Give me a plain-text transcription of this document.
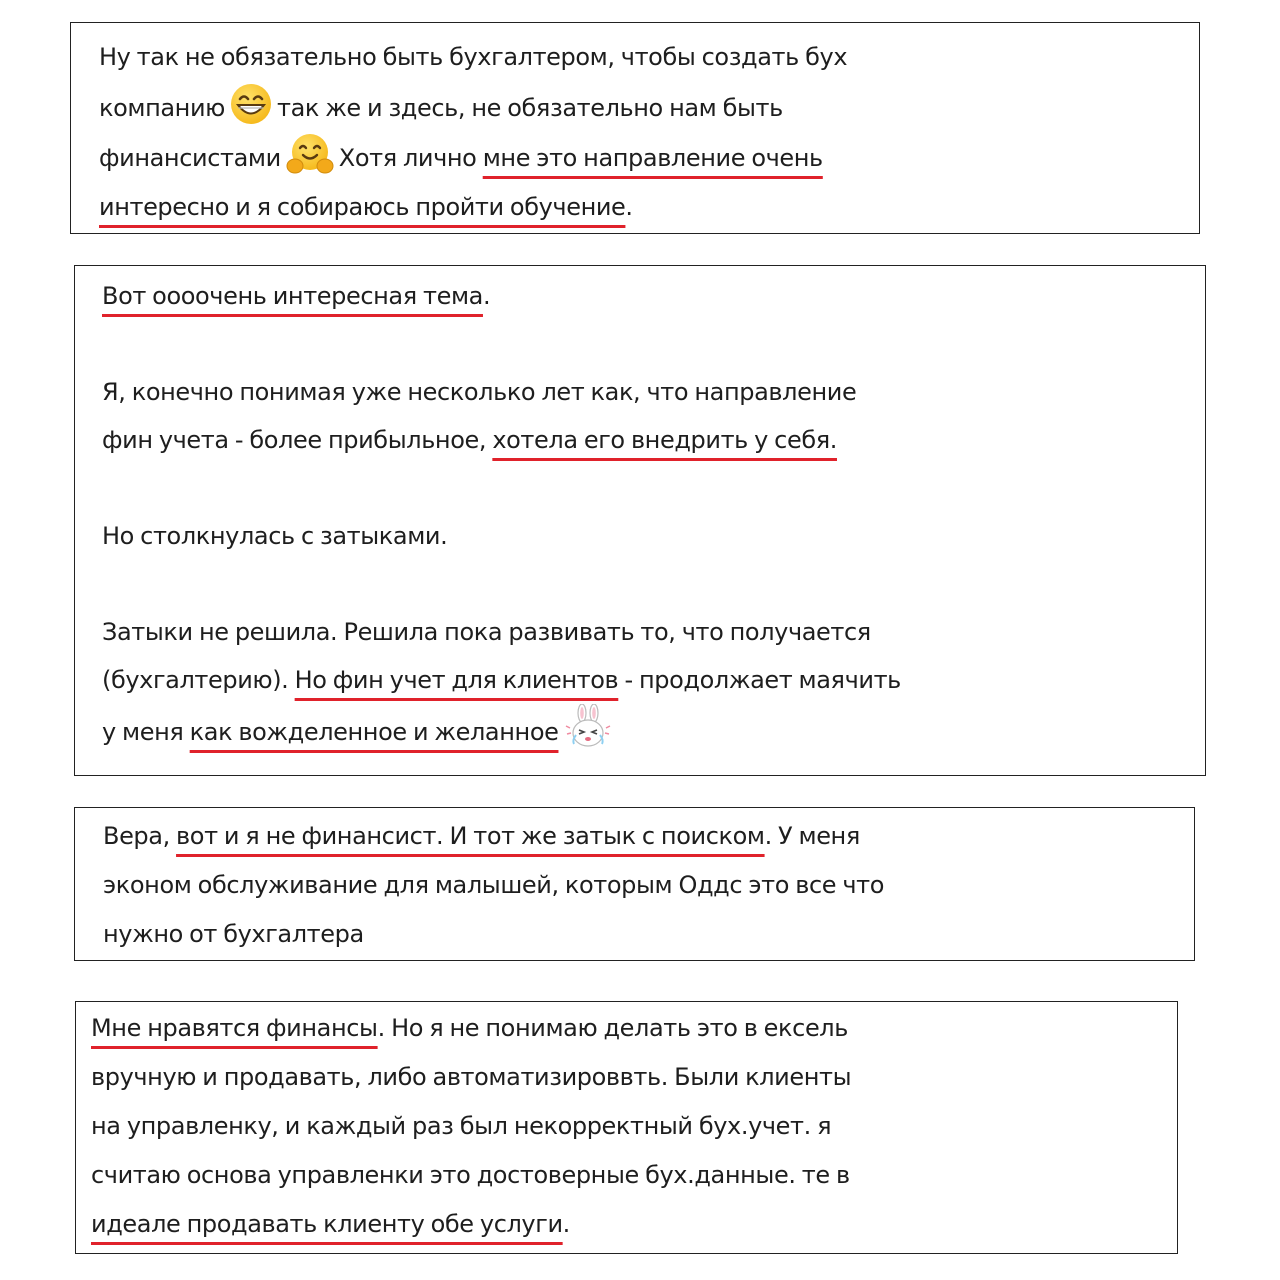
Ну так не обязательно быть бухгалтером, чтобы создать бух
компанию так же и здесь, не обязательно нам быть
финансистами Хотя лично мне это направление очень
интересно и я собираюсь пройти обучение.
Вот оооочень интересная тема.
Я, конечно понимая уже несколько лет как, что направление
фин учета - более прибыльное, хотела его внедрить у себя.
Но столкнулась с затыками.
Затыки не решила. Решила пока развивать то, что получается
(бухгалтерию). Но фин учет для клиентов - продолжает маячить
у меня как вожделенное и желанное
Вера, вот и я не финансист. И тот же затык с поиском. У меня
эконом обслуживание для малышей, которым Оддс это все что
нужно от бухгалтера
Мне нравятся финансы. Но я не понимаю делать это в ексель
вручную и продавать, либо автоматизироввть. Были клиенты
на управленку, и каждый раз был некорректный бух.учет. я
считаю основа управленки это достоверные бух.данные. те в
идеале продавать клиенту обе услуги.
